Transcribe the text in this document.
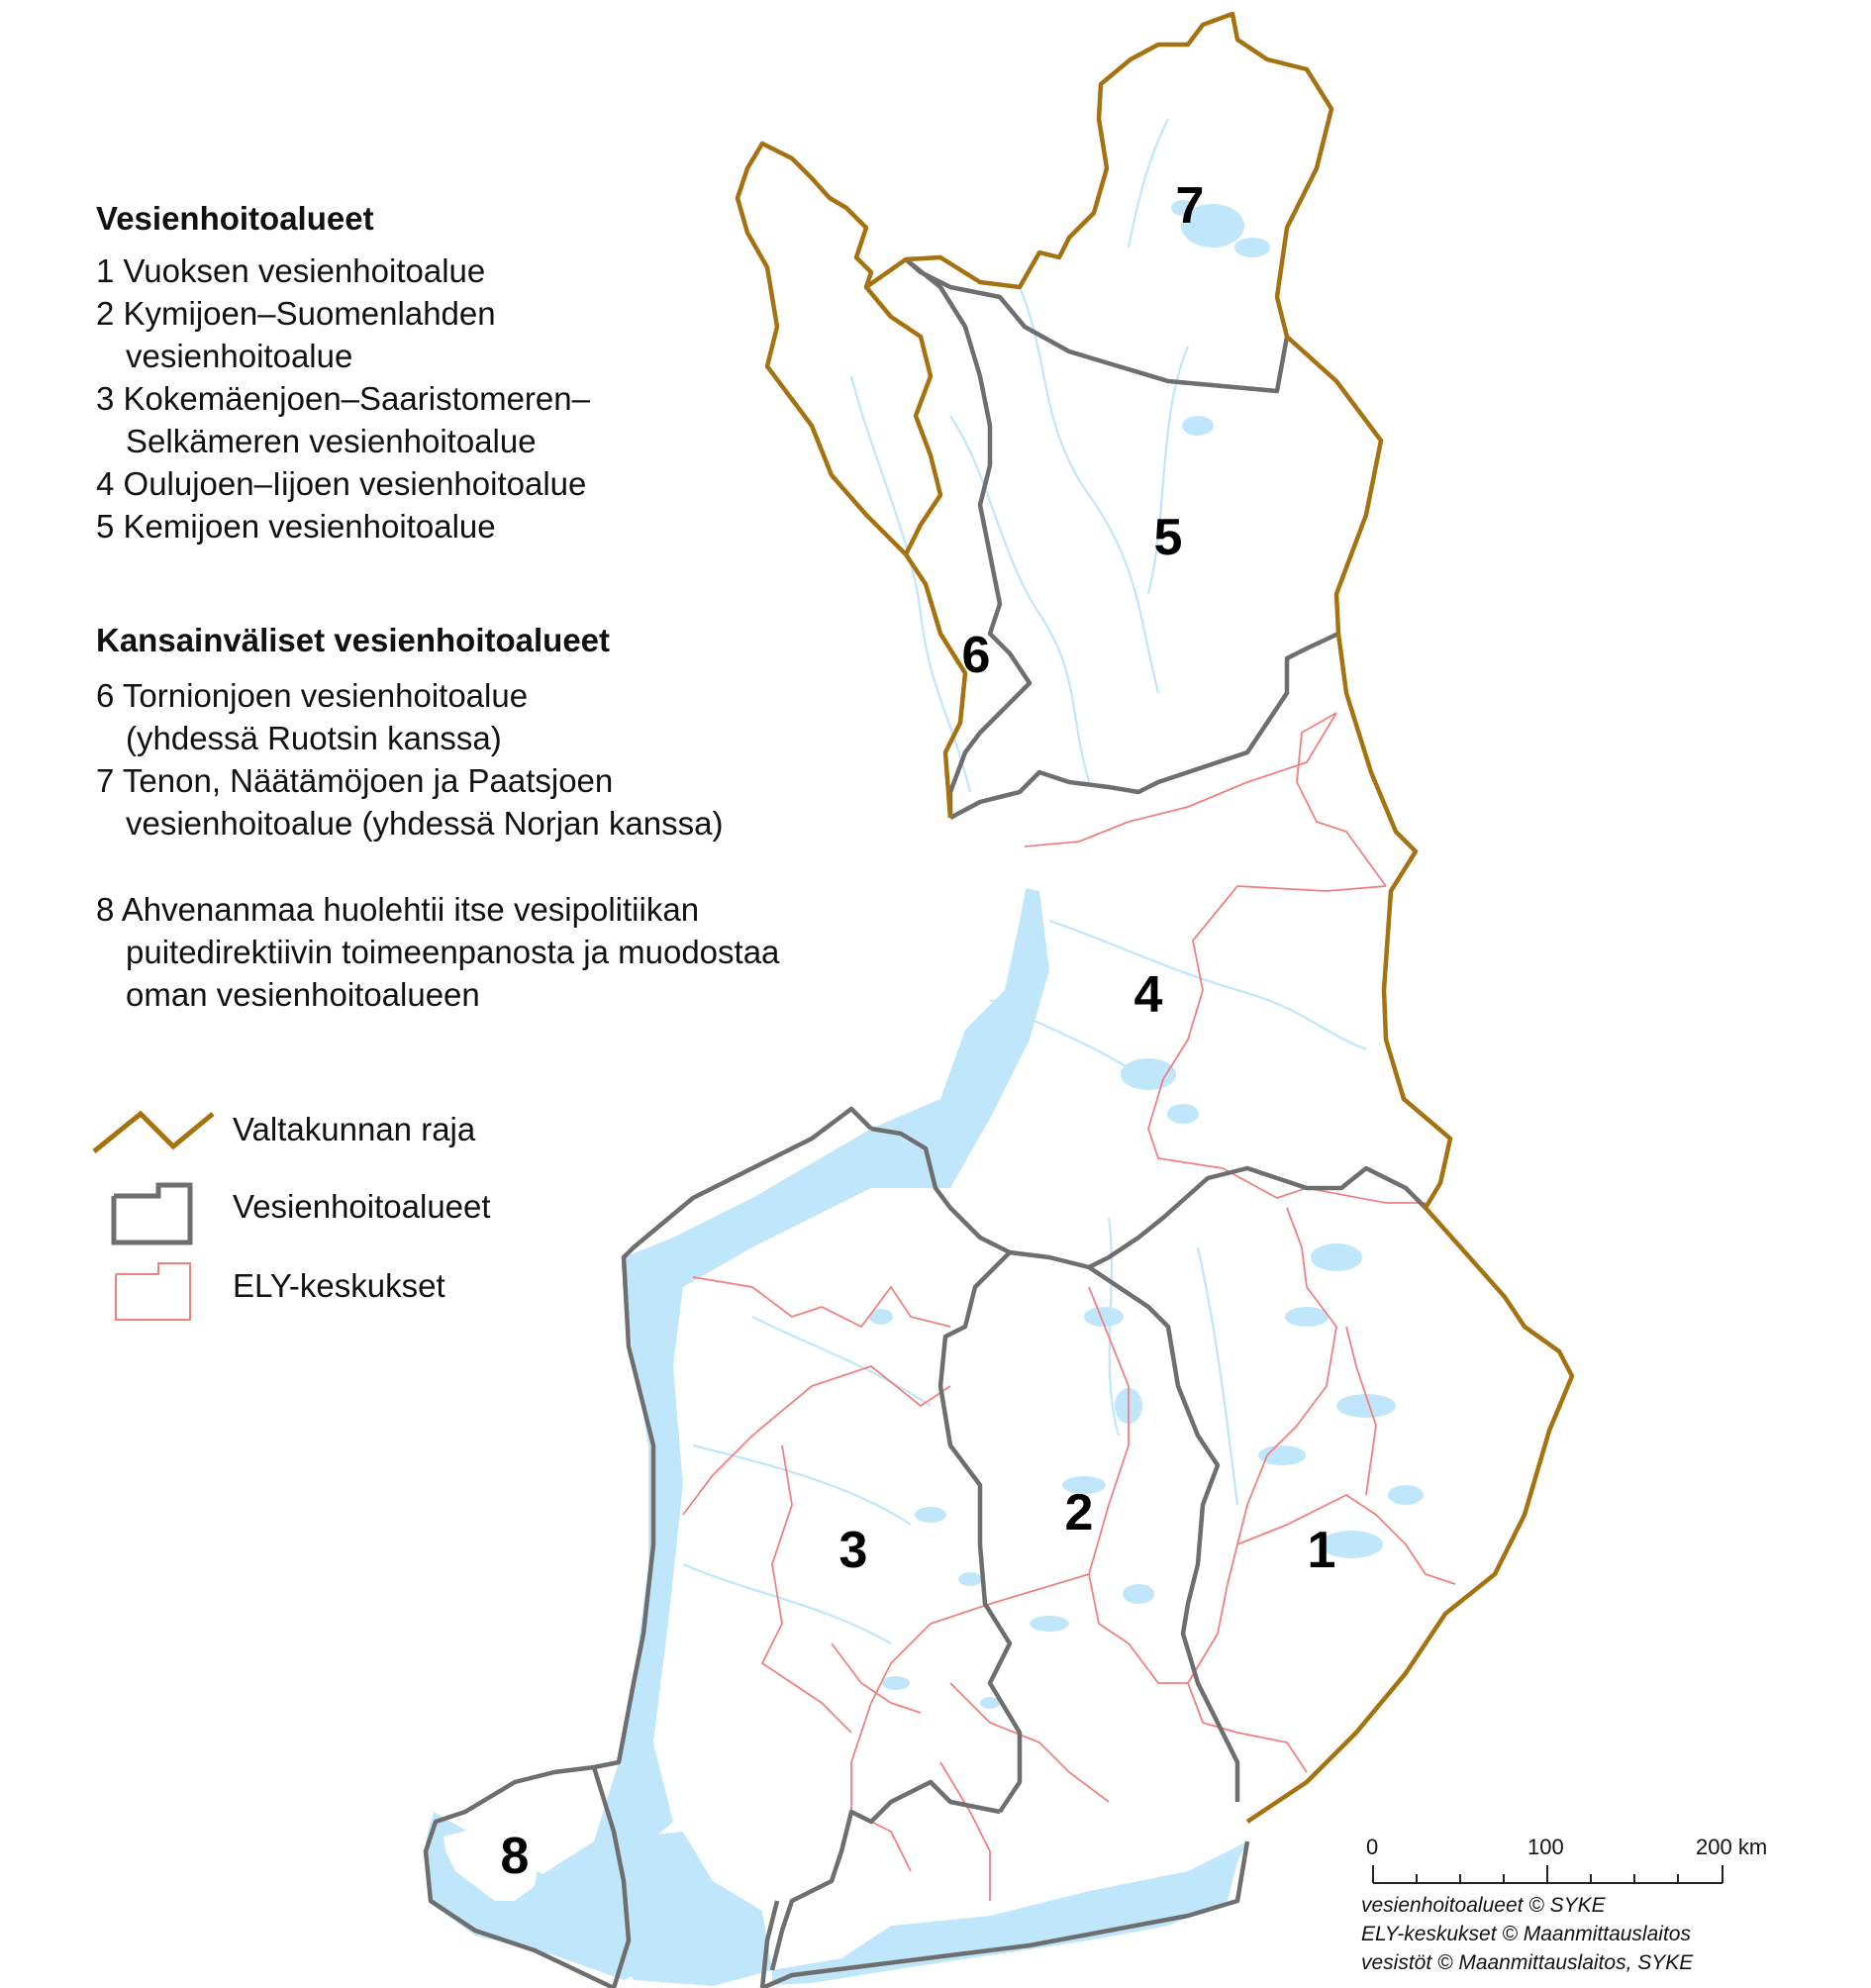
1
2
3
4
5
6
7
8
Vesienhoitoalueet
1 Vuoksen vesienhoitoalue
2 Kymijoen–Suomenlahden
vesienhoitoalue
3 Kokemäenjoen–Saaristomeren–
Selkämeren vesienhoitoalue
4 Oulujoen–Iijoen vesienhoitoalue
5 Kemijoen vesienhoitoalue
Kansainväliset vesienhoitoalueet
6 Tornionjoen vesienhoitoalue
(yhdessä Ruotsin kanssa)
7 Tenon, Näätämöjoen ja Paatsjoen
vesienhoitoalue (yhdessä Norjan kanssa)
8 Ahvenanmaa huolehtii itse vesipolitiikan
puitedirektiivin toimeenpanosta ja muodostaa
oman vesienhoitoalueen
Valtakunnan raja
Vesienhoitoalueet
ELY-keskukset
0	100	200 km
vesienhoitoalueet © SYKE
ELY-keskukset © Maanmittauslaitos
vesistöt © Maanmittauslaitos, SYKE
